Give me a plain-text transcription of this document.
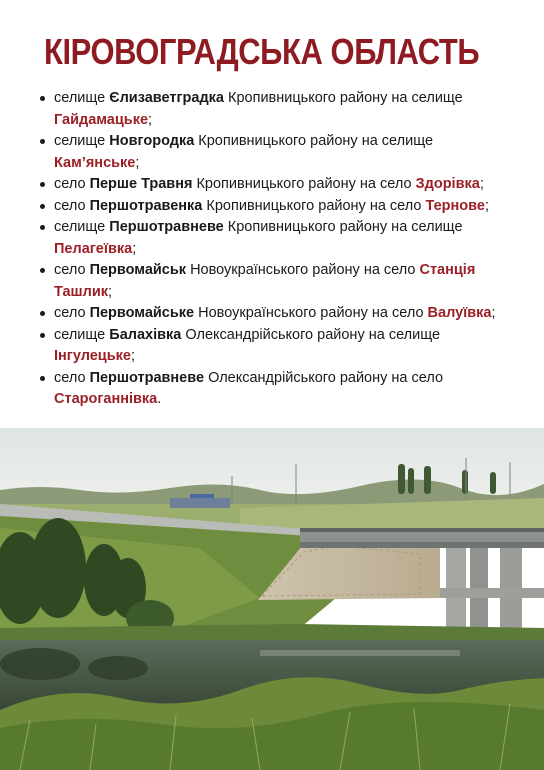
КІРОВОГРАДСЬКА ОБЛАСТЬ
селище Єлизаветградка Кропивницького району на селище Гайдамацьке;
селище Новгородка Кропивницького району на селище Кам’янське;
село Перше Травня Кропивницького району на село Здорівка;
село Першотравенка Кропивницького району на село Тернове;
селище Першотравневе Кропивницького району на селище Пелагеївка;
село Первомайськ Новоукраїнського району на село Станція Ташлик;
село Первомайське Новоукраїнського району на село Валуївка;
селище Балахівка Олександрійського району на селище Інгулецьке;
село Першотравневе Олександрійського району на село Староганнівка.
